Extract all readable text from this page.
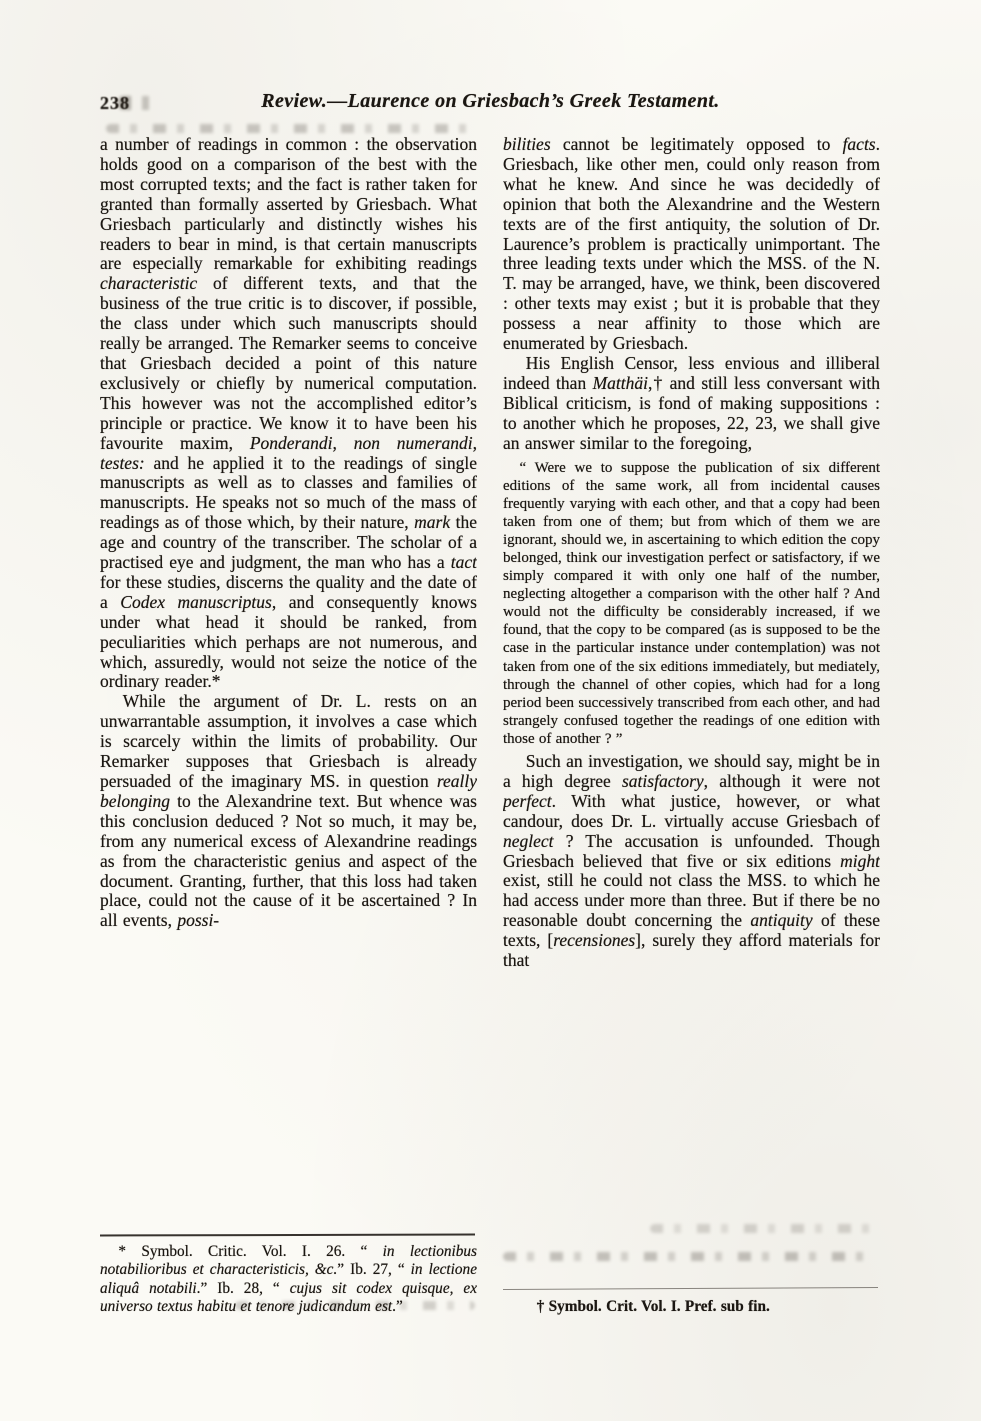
238	Review.—Laurence on Griesbach’s Greek Testament.

a number of readings in common : the observation holds good on a comparison of the best with the most corrupted texts; and the fact is rather taken for granted than formally asserted by Griesbach. What Griesbach particularly and distinctly wishes his readers to bear in mind, is that certain manuscripts are especially remarkable for exhibiting readings characteristic of different texts, and that the business of the true critic is to discover, if possible, the class under which such manuscripts should really be arranged. The Remarker seems to conceive that Griesbach decided a point of this nature exclusively or chiefly by numerical computation. This however was not the accomplished editor’s principle or practice. We know it to have been his favourite maxim, Ponderandi, non numerandi, testes: and he applied it to the readings of single manuscripts as well as to classes and families of manuscripts. He speaks not so much of the mass of readings as of those which, by their nature, mark the age and country of the transcriber. The scholar of a practised eye and judgment, the man who has a tact for these studies, discerns the quality and the date of a Codex manuscriptus, and consequently knows under what head it should be ranked, from peculiarities which perhaps are not numerous, and which, assuredly, would not seize the notice of the ordinary reader.*

While the argument of Dr. L. rests on an unwarrantable assumption, it involves a case which is scarcely within the limits of probability. Our Remarker supposes that Griesbach is already persuaded of the imaginary MS. in question really belonging to the Alexandrine text. But whence was this conclusion deduced ? Not so much, it may be, from any numerical excess of Alexandrine readings as from the characteristic genius and aspect of the document. Granting, further, that this loss had taken place, could not the cause of it be ascertained ? In all events, possi-

* Symbol. Critic. Vol. I. 26. “ in lectionibus notabilioribus et characteristicis, &c.” Ib. 27, “ in lectione aliquâ notabili.” Ib. 28, “ cujus sit codex quisque, ex universo textus habitu et tenore judicandum est.”

bilities cannot be legitimately opposed to facts. Griesbach, like other men, could only reason from what he knew. And since he was decidedly of opinion that both the Alexandrine and the Western texts are of the first antiquity, the solution of Dr. Laurence’s problem is practically unimportant. The three leading texts under which the MSS. of the N. T. may be arranged, have, we think, been discovered : other texts may exist ; but it is probable that they possess a near affinity to those which are enumerated by Griesbach.

His English Censor, less envious and illiberal indeed than Matthäi,† and still less conversant with Biblical criticism, is fond of making suppositions : to another which he proposes, 22, 23, we shall give an answer similar to the foregoing,

“ Were we to suppose the publication of six different editions of the same work, all from incidental causes frequently varying with each other, and that a copy had been taken from one of them; but from which of them we are ignorant, should we, in ascertaining to which edition the copy belonged, think our investigation perfect or satisfactory, if we simply compared it with only one half of the number, neglecting altogether a comparison with the other half ? And would not the difficulty be considerably increased, if we found, that the copy to be compared (as is supposed to be the case in the particular instance under contemplation) was not taken from one of the six editions immediately, but mediately, through the channel of other copies, which had for a long period been successively transcribed from each other, and had strangely confused together the readings of one edition with those of another ? ”

Such an investigation, we should say, might be in a high degree satisfactory, although it were not perfect. With what justice, however, or what candour, does Dr. L. virtually accuse Griesbach of neglect ? The accusation is unfounded. Though Griesbach believed that five or six editions might exist, still he could not class the MSS. to which he had access under more than three. But if there be no reasonable doubt concerning the antiquity of these texts, [recensiones], surely they afford materials for that

† Symbol. Crit. Vol. I. Pref. sub fin.
